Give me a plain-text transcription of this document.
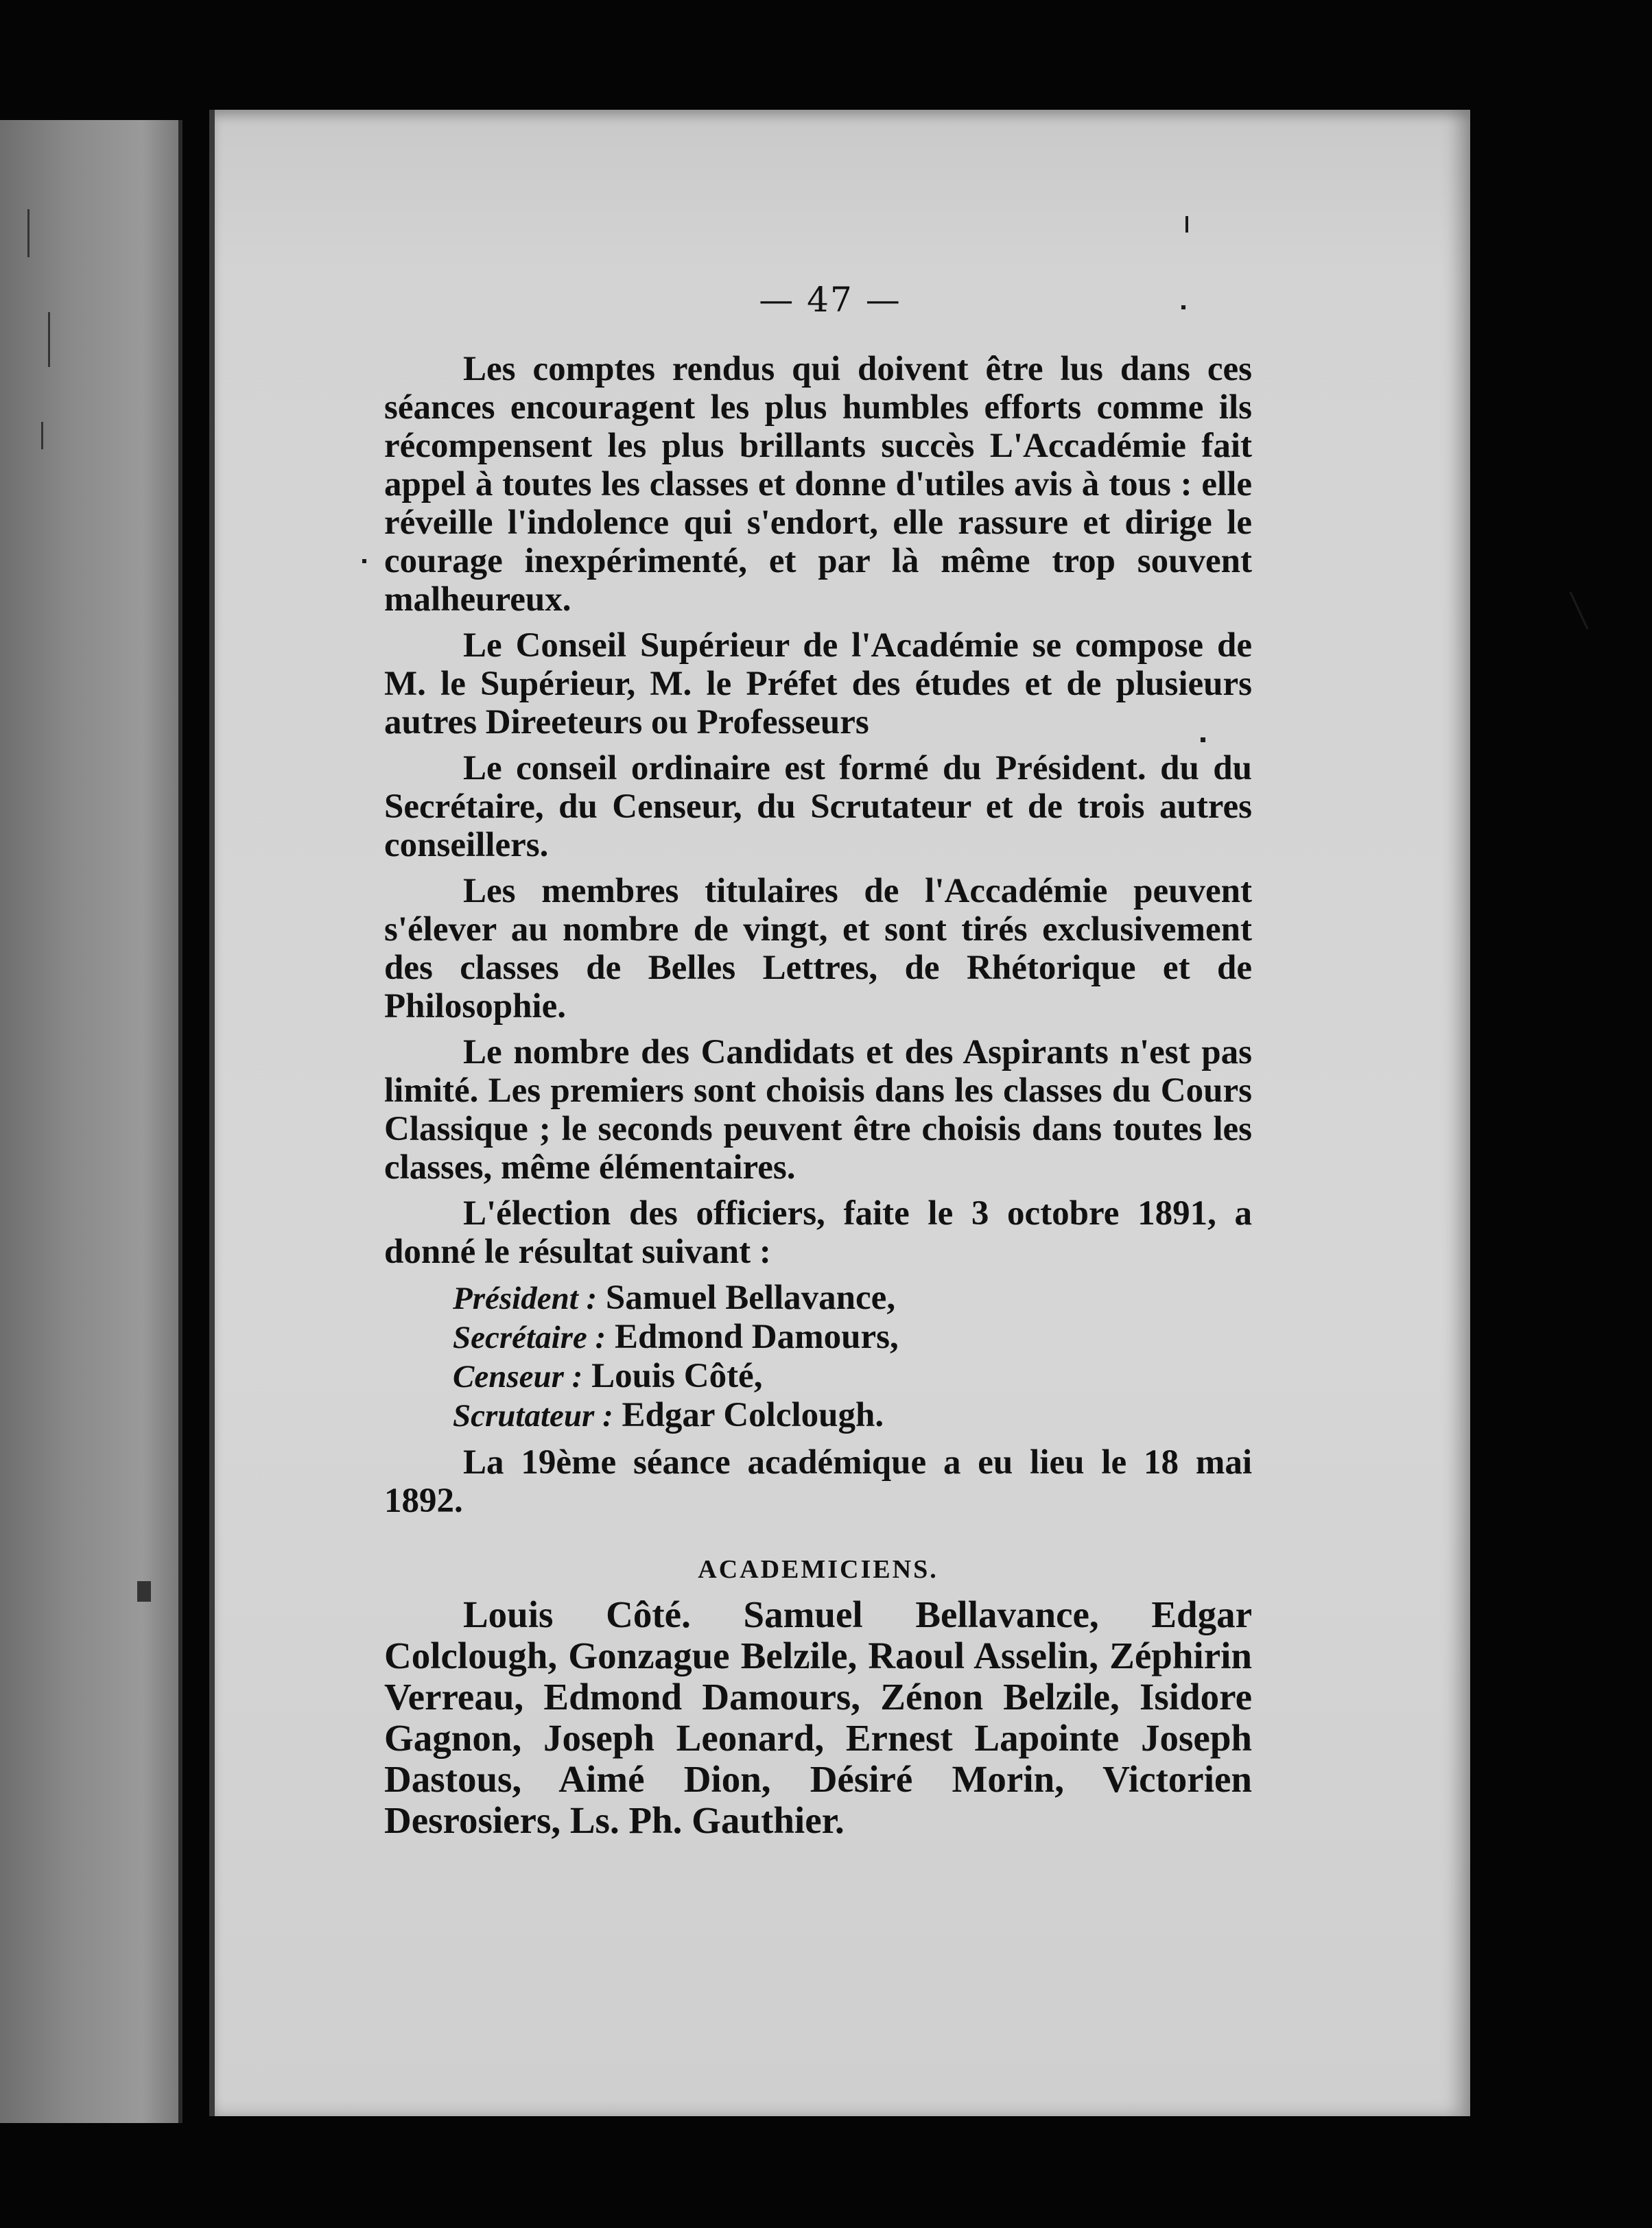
— 47 —

Les comptes rendus qui doivent être lus dans ces séances encouragent les plus humbles efforts comme ils récompensent les plus brillants succès L'Accadémie fait appel à toutes les classes et donne d'utiles avis à tous : elle réveille l'indolence qui s'endort, elle rassure et dirige le courage inexpérimenté, et par là même trop souvent malheureux.

Le Conseil Supérieur de l'Académie se compose de M. le Supérieur, M. le Préfet des études et de plusieurs autres Direeteurs ou Professeurs

Le conseil ordinaire est formé du Président. du du Secrétaire, du Censeur, du Scrutateur et de trois autres conseillers.

Les membres titulaires de l'Accadémie peuvent s'élever au nombre de vingt, et sont tirés exclusivement des classes de Belles Lettres, de Rhétorique et de Philosophie.

Le nombre des Candidats et des Aspirants n'est pas limité. Les premiers sont choisis dans les classes du Cours Classique ; le seconds peuvent être choisis dans toutes les classes, même élémentaires.

L'élection des officiers, faite le 3 octobre 1891, a donné le résultat suivant :

Président : Samuel Bellavance,
Secrétaire : Edmond Damours,
Censeur : Louis Côté,
Scrutateur : Edgar Colclough.

La 19ème séance académique a eu lieu le 18 mai 1892.

ACADEMICIENS.

Louis Côté. Samuel Bellavance, Edgar Colclough, Gonzague Belzile, Raoul Asselin, Zéphirin Verreau, Edmond Damours, Zénon Belzile, Isidore Gagnon, Joseph Leonard, Ernest Lapointe Joseph Dastous, Aimé Dion, Désiré Morin, Victorien Desrosiers, Ls. Ph. Gauthier.
